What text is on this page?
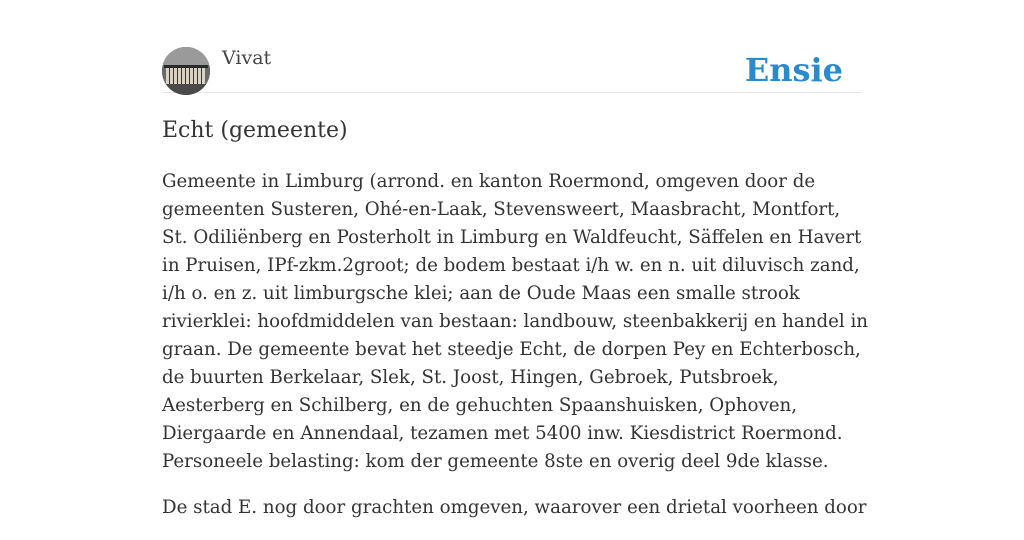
Vivat	Ensie
Echt (gemeente)

Gemeente in Limburg (arrond. en kanton Roermond, omgeven door de gemeenten Susteren, Ohé-en-Laak, Stevensweert, Maasbracht, Montfort, St. Odiliënberg en Posterholt in Limburg en Waldfeucht, Säffelen en Havert in Pruisen, IPf-zkm.2groot; de bodem bestaat i/h w. en n. uit diluvisch zand, i/h o. en z. uit limburgsche klei; aan de Oude Maas een smalle strook rivierklei: hoofdmiddelen van bestaan: landbouw, steenbakkerij en handel in graan. De gemeente bevat het steedje Echt, de dorpen Pey en Echterbosch, de buurten Berkelaar, Slek, St. Joost, Hingen, Gebroek, Putsbroek, Aesterberg en Schilberg, en de gehuchten Spaanshuisken, Ophoven, Diergaarde en Annendaal, tezamen met 5400 inw. Kiesdistrict Roermond. Personeele belasting: kom der gemeente 8ste en overig deel 9de klasse.

De stad E. nog door grachten omgeven, waarover een drietal voorheen door
